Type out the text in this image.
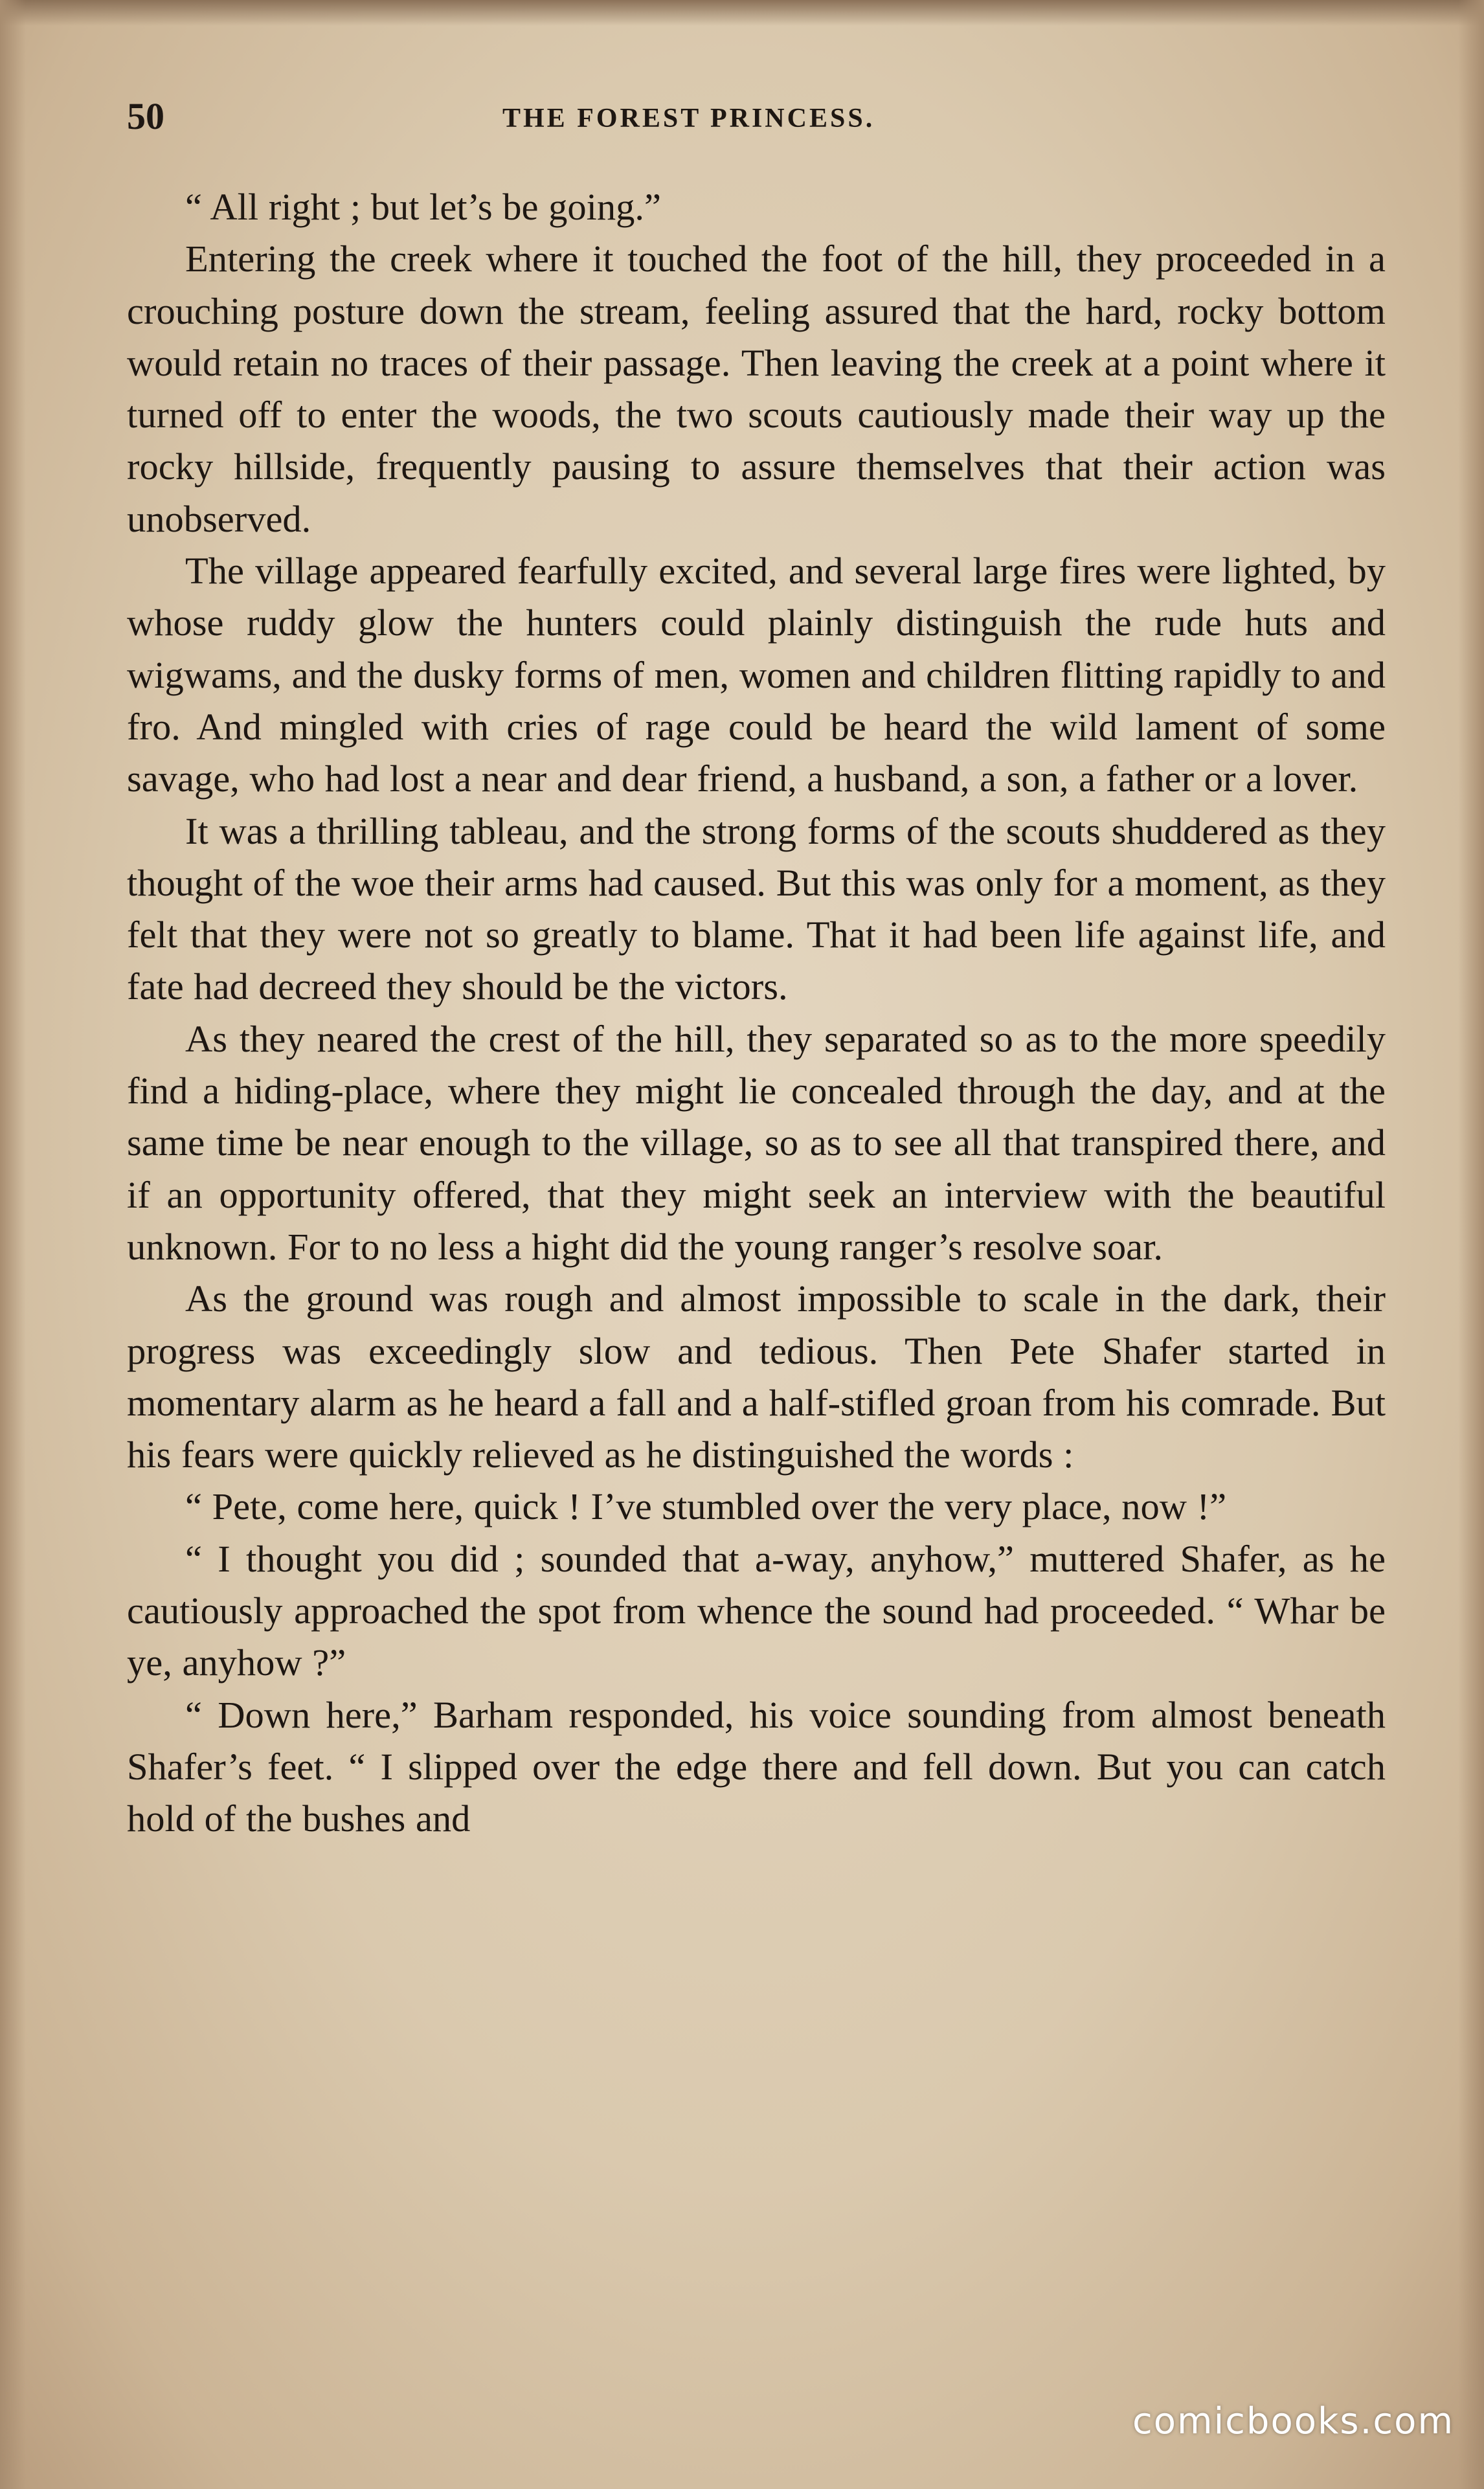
50	THE FOREST PRINCESS.

“ All right ; but let’s be going.”

Entering the creek where it touched the foot of the hill, they proceeded in a crouching posture down the stream, feeling assured that the hard, rocky bottom would retain no traces of their passage. Then leaving the creek at a point where it turned off to enter the woods, the two scouts cautiously made their way up the rocky hillside, frequently pausing to assure themselves that their action was unobserved.

The village appeared fearfully excited, and several large fires were lighted, by whose ruddy glow the hunters could plainly distinguish the rude huts and wigwams, and the dusky forms of men, women and children flitting rapidly to and fro. And mingled with cries of rage could be heard the wild lament of some savage, who had lost a near and dear friend, a husband, a son, a father or a lover.

It was a thrilling tableau, and the strong forms of the scouts shuddered as they thought of the woe their arms had caused. But this was only for a moment, as they felt that they were not so greatly to blame. That it had been life against life, and fate had decreed they should be the victors.

As they neared the crest of the hill, they separated so as to the more speedily find a hiding-place, where they might lie concealed through the day, and at the same time be near enough to the village, so as to see all that transpired there, and if an opportunity offered, that they might seek an interview with the beautiful unknown. For to no less a hight did the young ranger’s resolve soar.

As the ground was rough and almost impossible to scale in the dark, their progress was exceedingly slow and tedious. Then Pete Shafer started in momentary alarm as he heard a fall and a half-stifled groan from his comrade. But his fears were quickly relieved as he distinguished the words :

“ Pete, come here, quick ! I’ve stumbled over the very place, now !”

“ I thought you did ; sounded that a-way, anyhow,” muttered Shafer, as he cautiously approached the spot from whence the sound had proceeded. “ Whar be ye, anyhow ?”

“ Down here,” Barham responded, his voice sounding from almost beneath Shafer’s feet. “ I slipped over the edge there and fell down. But you can catch hold of the bushes and

comicbooks.com
